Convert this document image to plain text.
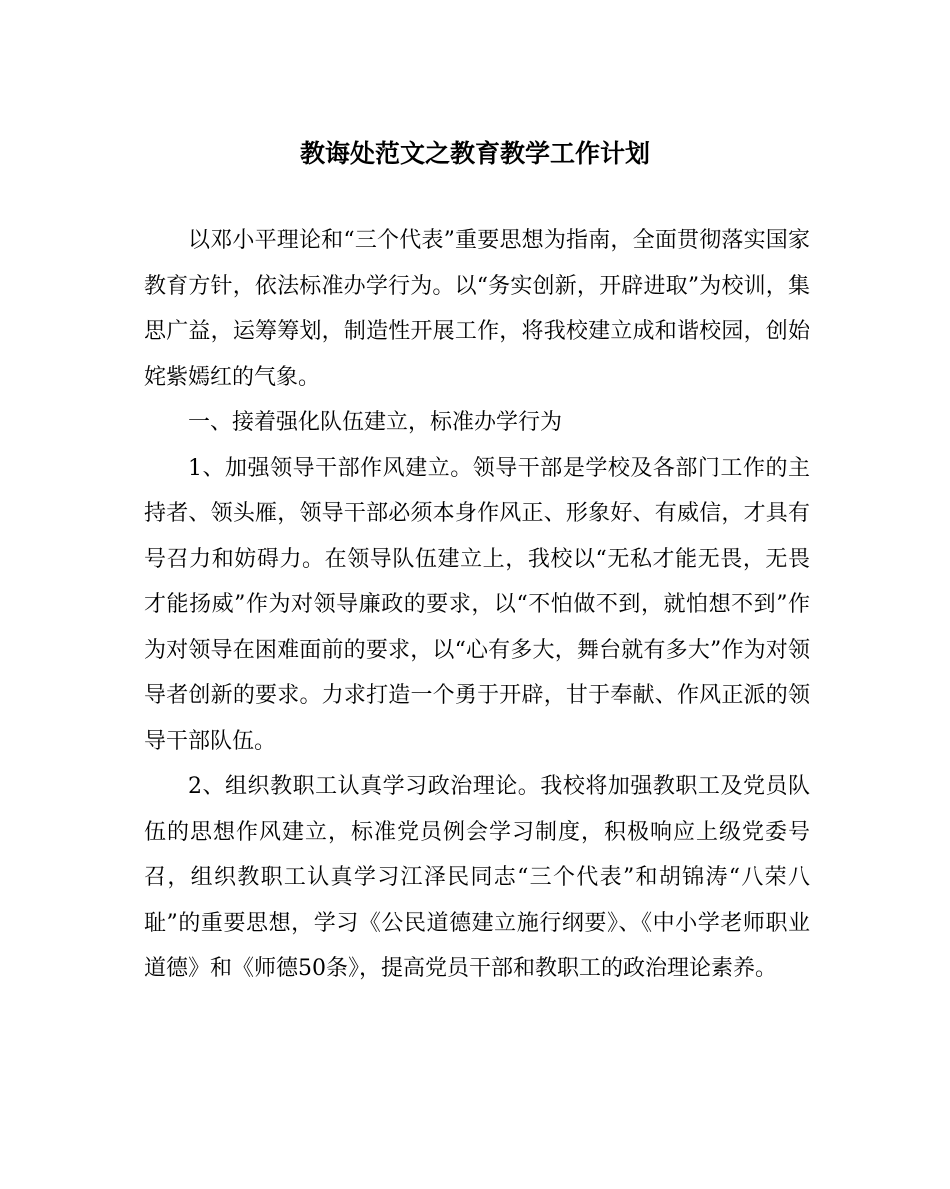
教诲处范文之教育教学工作计划

以邓小平理论和“三个代表”重要思想为指南，全面贯彻落实国家教育方针，依法标准办学行为。以“务实创新，开辟进取”为校训，集思广益，运筹筹划，制造性开展工作，将我校建立成和谐校园，创始姹紫嫣红的气象。

一、接着强化队伍建立，标准办学行为

1、加强领导干部作风建立。领导干部是学校及各部门工作的主持者、领头雁，领导干部必须本身作风正、形象好、有威信，才具有号召力和妨碍力。在领导队伍建立上，我校以“无私才能无畏，无畏才能扬威”作为对领导廉政的要求，以“不怕做不到，就怕想不到”作为对领导在困难面前的要求，以“心有多大，舞台就有多大”作为对领导者创新的要求。力求打造一个勇于开辟，甘于奉献、作风正派的领导干部队伍。

2、组织教职工认真学习政治理论。我校将加强教职工及党员队伍的思想作风建立，标准党员例会学习制度，积极响应上级党委号召，组织教职工认真学习江泽民同志“三个代表”和胡锦涛“八荣八耻”的重要思想，学习《公民道德建立施行纲要》、《中小学老师职业道德》和《师德50条》，提高党员干部和教职工的政治理论素养。
